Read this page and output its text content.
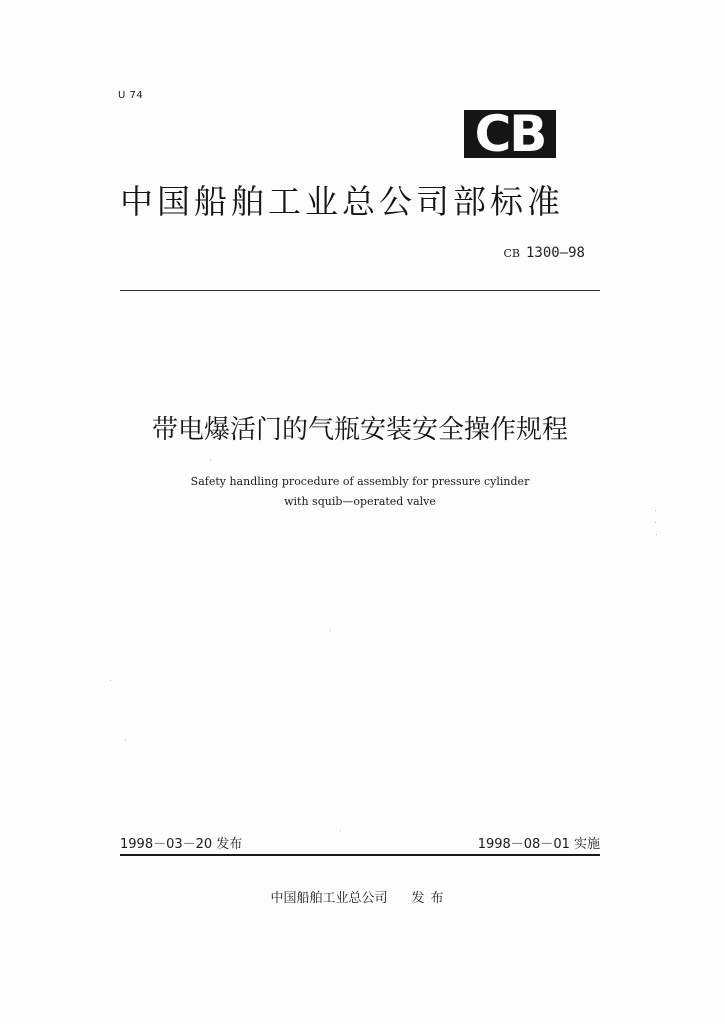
U 74
CB
中国船舶工业总公司部标准
CB 1300—98
带电爆活门的气瓶安装安全操作规程
Safety handling procedure of assembly for pressure cylinder
with squib—operated valve
1998－03－20 发布	1998－08－01 实施
中国船舶工业总公司 发布
